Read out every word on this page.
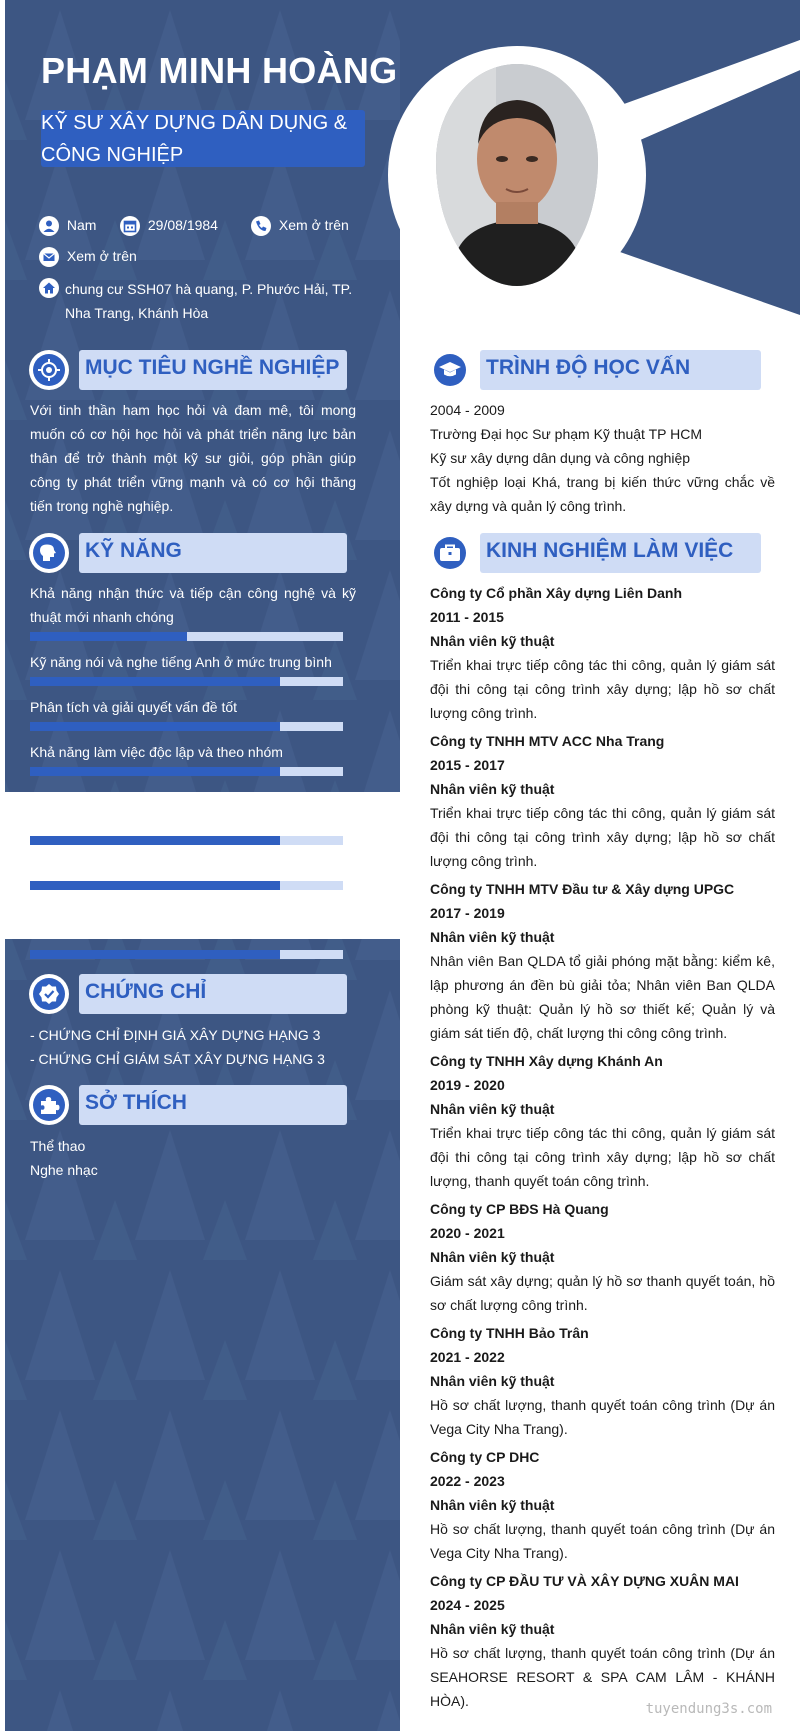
PHẠM MINH HOÀNG
KỸ SƯ XÂY DỰNG DÂN DỤNG & CÔNG NGHIỆP
Nam	29/08/1984	Xem ở trên
Xem ở trên
chung cư SSH07 hà quang, P. Phước Hải, TP. Nha Trang, Khánh Hòa
MỤC TIÊU NGHỀ NGHIỆP
Với tinh thần ham học hỏi và đam mê, tôi mong muốn có cơ hội học hỏi và phát triển năng lực bản thân để trở thành một kỹ sư giỏi, góp phần giúp công ty phát triển vững mạnh và có cơ hội thăng tiến trong nghề nghiệp.
KỸ NĂNG
Khả năng nhận thức và tiếp cận công nghệ và kỹ thuật mới nhanh chóng
Kỹ năng nói và nghe tiếng Anh ở mức trung bình
Phân tích và giải quyết vấn đề tốt
Khả năng làm việc độc lập và theo nhóm
CHỨNG CHỈ
- CHỨNG CHỈ ĐỊNH GIÁ XÂY DỰNG HẠNG 3
- CHỨNG CHỈ GIÁM SÁT XÂY DỰNG HẠNG 3
SỞ THÍCH
Thể thao
Nghe nhạc
TRÌNH ĐỘ HỌC VẤN
2004 - 2009
Trường Đại học Sư phạm Kỹ thuật TP HCM
Kỹ sư xây dựng dân dụng và công nghiệp
Tốt nghiệp loại Khá, trang bị kiến thức vững chắc về xây dựng và quản lý công trình.
KINH NGHIỆM LÀM VIỆC
Công ty Cổ phần Xây dựng Liên Danh
2011 - 2015
Nhân viên kỹ thuật
Triển khai trực tiếp công tác thi công, quản lý giám sát đội thi công tại công trình xây dựng; lập hồ sơ chất lượng công trình.
Công ty TNHH MTV ACC Nha Trang
2015 - 2017
Nhân viên kỹ thuật
Triển khai trực tiếp công tác thi công, quản lý giám sát đội thi công tại công trình xây dựng; lập hồ sơ chất lượng công trình.
Công ty TNHH MTV Đầu tư & Xây dựng UPGC
2017 - 2019
Nhân viên kỹ thuật
Nhân viên Ban QLDA tổ giải phóng mặt bằng: kiểm kê, lập phương án đền bù giải tỏa; Nhân viên Ban QLDA phòng kỹ thuật: Quản lý hồ sơ thiết kế; Quản lý và giám sát tiến độ, chất lượng thi công công trình.
Công ty TNHH Xây dựng Khánh An
2019 - 2020
Nhân viên kỹ thuật
Triển khai trực tiếp công tác thi công, quản lý giám sát đội thi công tại công trình xây dựng; lập hồ sơ chất lượng, thanh quyết toán công trình.
Công ty CP BĐS Hà Quang
2020 - 2021
Nhân viên kỹ thuật
Giám sát xây dựng; quản lý hồ sơ thanh quyết toán, hồ sơ chất lượng công trình.
Công ty TNHH Bảo Trân
2021 - 2022
Nhân viên kỹ thuật
Hồ sơ chất lượng, thanh quyết toán công trình (Dự án Vega City Nha Trang).
Công ty CP DHC
2022 - 2023
Nhân viên kỹ thuật
Hồ sơ chất lượng, thanh quyết toán công trình (Dự án Vega City Nha Trang).
Công ty CP ĐẦU TƯ VÀ XÂY DỰNG XUÂN MAI
2024 - 2025
Nhân viên kỹ thuật
Hồ sơ chất lượng, thanh quyết toán công trình (Dự án SEAHORSE RESORT & SPA CAM LÂM - KHÁNH HÒA).	tuyendung3s.com
